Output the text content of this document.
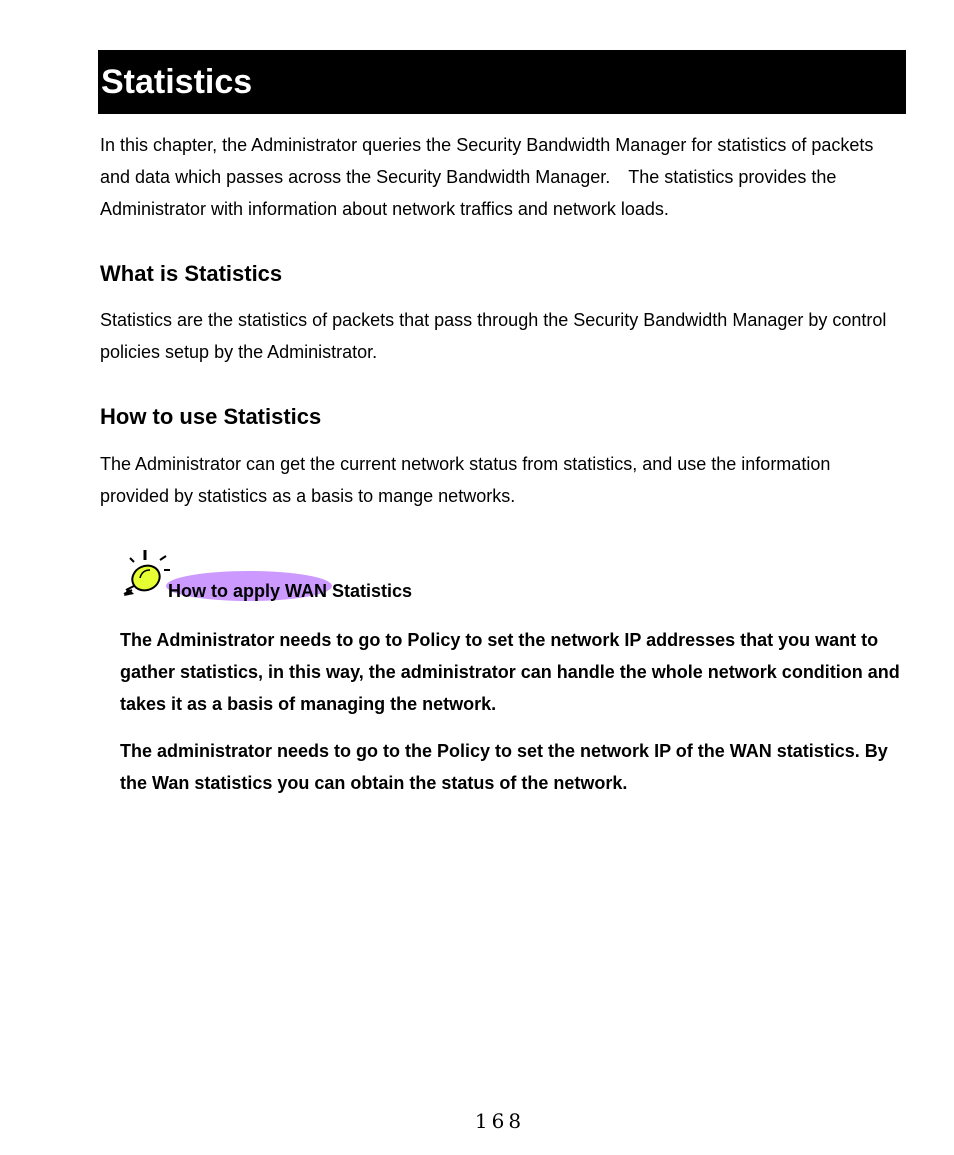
Statistics

In this chapter, the Administrator queries the Security Bandwidth Manager for statistics of packets and data which passes across the Security Bandwidth Manager.　The statistics provides the Administrator with information about network traffics and network loads.

What is Statistics

Statistics are the statistics of packets that pass through the Security Bandwidth Manager by control policies setup by the Administrator.

How to use Statistics

The Administrator can get the current network status from statistics, and use the information provided by statistics as a basis to mange networks.

How to apply WAN Statistics

The Administrator needs to go to Policy to set the network IP addresses that you want to gather statistics, in this way, the administrator can handle the whole network condition and takes it as a basis of managing the network.

The administrator needs to go to the Policy to set the network IP of the WAN statistics. By the Wan statistics you can obtain the status of the network.

168
